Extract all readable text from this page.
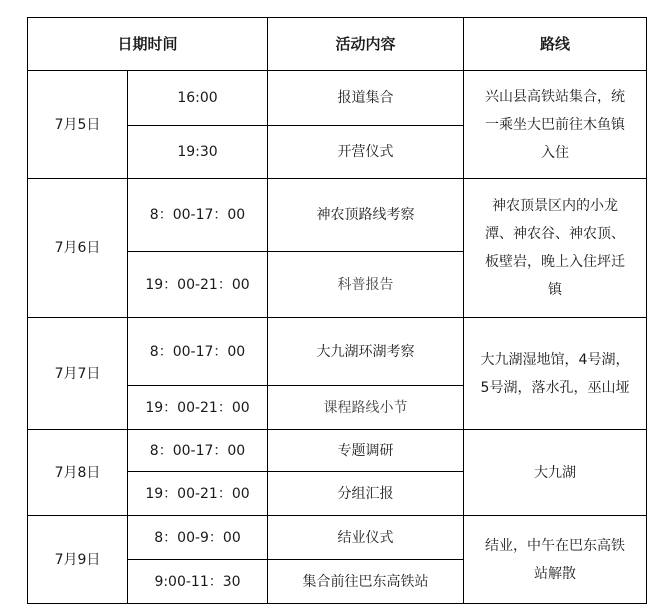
日期时间		活动内容	路线
7月5日	16:00	报道集合	兴山县高铁站集合，统
一乘坐大巴前往木鱼镇
入住

	19:30	开营仪式	
7月6日	8：00-17：00	神农顶路线考察	神农顶景区内的小龙
潭、神农谷、神农顶、
板壁岩，晚上入住坪迁
镇

	19：00-21：00	科普报告	
7月7日	8：00-17：00	大九湖环湖考察	大九湖湿地馆，4号湖，
5号湖，落水孔，巫山垭

	19：00-21：00	课程路线小节	
7月8日	8：00-17：00	专题调研	大九湖

	19：00-21：00	分组汇报	
7月9日	8：00-9：00	结业仪式	结业，中午在巴东高铁
站解散

	9:00-11：30	集合前往巴东高铁站	
